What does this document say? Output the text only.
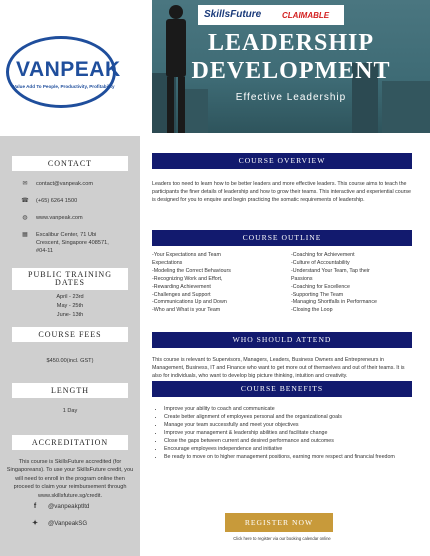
VANPEAK
Value Add To People, Productivity, Profitability
CONTACT
✉	contact@vanpeak.com
☎ (+65) 6264 1500
◍	www.vanpeak.com
▦	Excalibur Center, 71 Ubi Crescent, Singapore 408571, #04-11
PUBLIC TRAINING DATES
April - 23rd
May - 25th
June- 13th
COURSE FEES
$450.00(incl. GST)
LENGTH
1 Day
ACCREDITATION
This course is SkillsFuture accredited (for Singaporeans). To use your SkillsFuture credit, you will need to enroll in the program online then proceed to claim your reimbursement through www.skillsfuture.sg/credit.
f	@vanpeakptltd
✦	@VanpeakSG
SkillsFuture	CLAIMABLE
LEADERSHIP
DEVELOPMENT
Effective Leadership
COURSE OVERVIEW
Leaders too need to learn how to be better leaders and more effective leaders. This course aims to teach the participants the finer details of leadership and how to grow their teams. This interactive and experiential course is designed for you to enquire and begin practicing the somatic requirements of leadership.
COURSE OUTLINE
-Your Expectations and Team
Expectations
-Modeling the Correct Behaviours
-Recognizing Work and Effort,
-Rewarding Achievement
-Challenges and Support
-Communications Up and Down
-Who and What is your Team
-Coaching for Achievement
-Culture of Accountability
-Understand Your Team, Tap their
Passions
-Coaching for Excellence
-Supporting The Team
-Managing Shortfalls in Performance
-Closing the Loop
WHO SHOULD ATTEND
This course is relevant to Supervisors, Managers, Leaders, Business Owners and Entrepreneurs in Management, Business, IT and Finance who want to get more out of themselves and out of their teams. It is also for individuals, who want to develop big picture thinking, intuition and creativity.
COURSE BENEFITS
• Improve your ability to coach and communicate
• Create better alignment of employees personal and the organizational goals
• Manage your team successfully and meet your objectives
• Improve your management & leadership abilities and facilitate change
• Close the gaps between current and desired performance and outcomes
• Encourage employees independence and initiative
• Be ready to move on to higher management positions, earning more respect and financial freedom
REGISTER NOW
Click here to register via our booking calendar online
